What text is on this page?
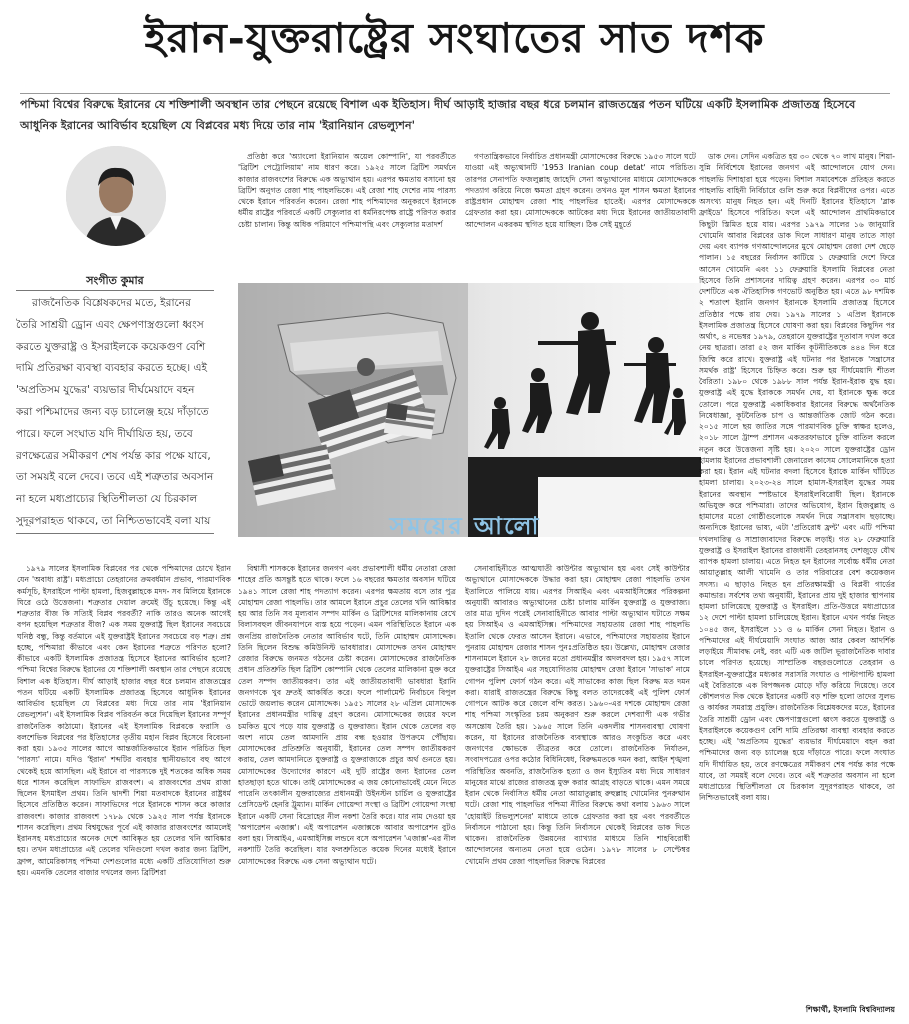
ইরান-যুক্তরাষ্ট্রের সংঘাতের সাত দশক
পশ্চিমা বিশ্বের বিরুদ্ধে ইরানের যে শক্তিশালী অবস্থান তার পেছনে রয়েছে বিশাল এক ইতিহাস। দীর্ঘ আড়াই হাজার বছর ধরে চলমান রাজতন্ত্রের পতন ঘটিয়ে একটি ইসলামিক প্রজাতন্ত্র হিসেবে আধুনিক ইরানের আবির্ভাব হয়েছিল যে বিপ্লবের মধ্য দিয়ে তার নাম 'ইরানিয়ান রেভল্যুশন'
সংগীত কুমার

রাজনৈতিক বিশ্লেষকদের মতে, ইরানের তৈরি সাশ্রয়ী ড্রোন এবং ক্ষেপণাস্ত্রগুলো ধ্বংস করতে যুক্তরাষ্ট্র ও ইসরাইলকে কয়েকগুণ বেশি দামি প্রতিরক্ষা ব্যবস্থা ব্যবহার করতে হচ্ছে। এই 'অপ্রতিসম যুদ্ধের' ব্যয়ভার দীর্ঘমেয়াদে বহন করা পশ্চিমাদের জন্য বড় চ্যালেঞ্জ হয়ে দাঁড়াতে পারে। ফলে সংঘাত যদি দীর্ঘায়িত হয়, তবে রণক্ষেত্রের সমীকরণ শেষ পর্যন্ত কার পক্ষে যাবে, তা সময়ই বলে দেবে। তবে এই শত্রুতার অবসান না হলে মধ্যপ্রাচ্যের স্থিতিশীলতা যে চিরকাল সুদূরপরাহত থাকবে, তা নিশ্চিতভাবেই বলা যায়

প্রতিষ্ঠা করে 'অ্যাংলো ইরানিয়ান অয়েল কোম্পানি', যা পরবর্তীতে 'ব্রিটিশ পেট্রোলিয়াম' নাম ধারণ করে। ১৯২৫ সালে ব্রিটিশ সমর্থনে কাজার রাজবংশের বিরুদ্ধে এক অভ্যুত্থান হয়। এরপর ক্ষমতায় বসানো হয় ব্রিটিশ অনুগত রেজা শাহ পাহলভিকে। এই রেজা শাহ দেশের নাম পারস্য থেকে ইরানে পরিবর্তন করেন। রেজা শাহ পশ্চিমাদের অনুকরণে ইরানকে ধর্মীয় রাষ্ট্রের পরিবর্তে একটি সেক্যুলার বা ধর্মনিরপেক্ষ রাষ্ট্রে পরিণত করার চেষ্টা চালান। কিন্তু অধিক পরিমাণে পশ্চিমাপন্থি এবং সেক্যুলার মতাদর্শ

গণতান্ত্রিকভাবে নির্বাচিত প্রধানমন্ত্রী মোসাদ্দেকের বিরুদ্ধে ১৯৫৩ সালে ঘটে যাওয়া এই অভ্যুত্থানটি '1953 Iranian coup detat' নামে পরিচিত। তারপর সেনাপতি ফজলুল্লাহ জাহেদি সেনা অভ্যুত্থানের মাধ্যমে মোসাদ্দেককে পদত্যাগ করিয়ে নিজে ক্ষমতা গ্রহণ করেন। তখনও মূল শাসন ক্ষমতা ইরানের রাষ্ট্রপ্রধান মোহাম্মদ রেজা শাহ পাহলভির হাতেই। এরপর মোসাদ্দেককে গ্রেফতার করা হয়। মোসাদ্দেককে আটকের মধ্য দিয়ে ইরানের জাতীয়তাবাদী আন্দোলন একরকম স্থগিত হয়ে যাচ্ছিল। ঠিক সেই মুহূর্তে

সময়ের আলো

১৯৭৯ সালের ইসলামিক বিপ্লবের পর থেকে পশ্চিমাদের চোখে ইরান যেন 'অবাধ্য রাষ্ট্র'। মধ্যপ্রাচ্যে তেহরানের ক্রমবর্ধমান প্রভাব, পারমাণবিক কর্মসূচি, ইসরাইলে পাল্টা হামলা, হিজবুল্লাহকে মদদ- সব মিলিয়ে ইরানকে ঘিরে ওঠে উত্তেজনা। শত্রুতার দেয়াল ক্রমেই উঁচু হয়েছে। কিন্তু এই শত্রুতার বীজ কি সত্যিই বিপ্লব পরবর্তী? নাকি তারও অনেক আগেই বপন হয়েছিল শত্রুতার বীজ? এক সময় যুক্তরাষ্ট্র ছিল ইরানের সবচেয়ে ঘনিষ্ঠ বন্ধু, কিন্তু বর্তমানে এই যুক্তরাষ্ট্রই ইরানের সবচেয়ে বড় শত্রু। প্রশ্ন হচ্ছে, পশ্চিমারা কীভাবে এবং কেন ইরানের শত্রুতে পরিণত হলো? কীভাবে একটি ইসলামিক প্রজাতন্ত্র হিসেবে ইরানের আবির্ভাব হলো? পশ্চিমা বিশ্বের বিরুদ্ধে ইরানের যে শক্তিশালী অবস্থান তার পেছনে রয়েছে বিশাল এক ইতিহাস। দীর্ঘ আড়াই হাজার বছর ধরে চলমান রাজতন্ত্রের পতন ঘটিয়ে একটি ইসলামিক প্রজাতন্ত্র হিসেবে আধুনিক ইরানের আবির্ভাব হয়েছিল যে বিপ্লবের মধ্য দিয়ে তার নাম 'ইরানিয়ান রেভল্যুশন'। এই ইসলামিক বিপ্লব পরিবর্তন করে দিয়েছিল ইরানের সম্পূর্ণ রাজনৈতিক কাঠামো। ইরানের এই ইসলামিক বিপ্লবকে ফরাসি ও বলশেভিক বিপ্লবের পর ইতিহাসের তৃতীয় মহান বিপ্লব হিসেবে বিবেচনা করা হয়। ১৯৩৫ সালের আগে আন্তর্জাতিকভাবে ইরান পরিচিত ছিল 'পারস্য' নামে। যদিও 'ইরান' শব্দটির ব্যবহার স্থানীয়ভাবে বহু আগে থেকেই হয়ে আসছিল। এই ইরানে বা পারস্যকে দুই শতকের অধিক সময় ধরে শাসন করেছিল সাফাভিদ রাজবংশ। এ রাজবংশের প্রথম রাজা ছিলেন ইসমাইল প্রথম। তিনি দ্বাদশী শিয়া মতবাদকে ইরানের রাষ্ট্রধর্ম হিসেবে প্রতিষ্ঠিত করেন। সাফাভিদের পরে ইরানকে শাসন করে কাজার রাজবংশ। কাজার রাজবংশ ১৭৮৯ থেকে ১৯২৫ সাল পর্যন্ত ইরানকে শাসন করেছিল। প্রথম বিশ্বযুদ্ধের পূর্বে এই কাজার রাজবংশের আমলেই ইরানসহ মধ্যপ্রাচ্যের অনেক দেশে আবিষ্কৃত হয় তেলের খনি আবিষ্কার হয়। তখন মধ্যপ্রাচ্যের এই তেলের খনিগুলো দখল করার জন্য ব্রিটিশ, ফ্রান্স, আমেরিকাসহ পশ্চিমা দেশগুলোর মধ্যে একটি প্রতিযোগিতা শুরু হয়। এমনকি তেলের বাজার দখলের জন্য ব্রিটিশরা

বিশ্বাসী শাসককে ইরানের জনগণ এবং প্রভাবশালী ধর্মীয় নেতারা রেজা শাহের প্রতি অসন্তুষ্ট হতে থাকে। ফলে ১৬ বছরের ক্ষমতার অবসান ঘটিয়ে ১৯৪১ সালে রেজা শাহ পদত্যাগ করেন। এরপর ক্ষমতায় বসে তার পুত্র মোহাম্মদ রেজা পাহলভি। তার আমলে ইরানে প্রচুর তেলের খনি আবিষ্কার হয় আর তিনি সব মূল্যবান সম্পদ মার্কিন ও ব্রিটিশদের মালিকানায় রেখে বিলাসবহুল জীবনযাপনে ব্যস্ত হয়ে পড়েন। এমন পরিস্থিতিতে ইরানে এক জনপ্রিয় রাজনৈতিক নেতার আবির্ভাব ঘটে, তিনি মোহাম্মদ মোসাদ্দেক। তিনি ছিলেন বিশুদ্ধ কমিউনিস্ট ভাবধারার। মোসাদ্দেক তখন মোহাম্মদ রেজার বিরুদ্ধে জনমত গঠনের চেষ্টা করেন। মোসাদ্দেকের রাজনৈতিক প্রধান প্রতিশ্রুতি ছিল ব্রিটিশ কোম্পানি থেকে তেলের মালিকানা মুক্ত করে তেল সম্পদ জাতীয়করণ। তার এই জাতীয়তাবাদী ভাবধারা ইরানি জনগণকে খুব দ্রুতই আকর্ষিত করে। ফলে পার্লামেন্ট নির্বাচনে বিপুল ভোটে জয়লাভ করেন মোসাদ্দেক। ১৯৫১ সালের ২৮ এপ্রিল মোসাদ্দেক ইরানের প্রধানমন্ত্রীর দায়িত্ব গ্রহণ করেন। মোসাদ্দেকের জয়ের ফলে চমকিত মুখে পড়ে যায় যুক্তরাষ্ট্র ও যুক্তরাজ্য। ইরান থেকে তেলের বড় অংশ নামে তেল আমদানি প্রায় বন্ধ হওয়ার উপক্রমে পৌঁছায়। মোসাদ্দেকের প্রতিশ্রুতি অনুযায়ী, ইরানের তেল সম্পদ জাতীয়করণ করায়, তেল আমদানিতে যুক্তরাষ্ট্র ও যুক্তরাজ্যকে প্রচুর অর্থ গুনতে হয়। মোসাদ্দেকের উদ্যোগের কারণে এই দুটি রাষ্ট্রের জন্য ইরানের তেল হাতছাড়া হতে থাকে। তাই মোসাদ্দেকের এ জয় কোনোভাবেই মেনে নিতে পারেনি তৎকালীন যুক্তরাজ্যের প্রধানমন্ত্রী উইনস্টন চার্চিল ও যুক্তরাষ্ট্রের প্রেসিডেন্ট হেনরি ট্রুম্যান। মার্কিন গোয়েন্দা সংস্থা ও ব্রিটিশ গোয়েন্দা সংস্থা ইরানে একটি সেনা বিদ্রোহের নীল নকশা তৈরি করে। যার নাম দেওয়া হয় 'অপারেশন এজাক্স'। এই অপারেশন এজাক্সকে আবার অপারেশন বুটও বলা হয়। সিআইএ, এমআইসিক্স লন্ডনে বসে অপারেশন 'এজাক্স'-এর নীল নকশাটি তৈরি করেছিল। যার ফলশ্রুতিতে কয়েক দিনের মধ্যেই ইরানে মোসাদ্দেকের বিরুদ্ধে এক সেনা অভ্যুত্থান ঘটে।

সেনাবাহিনীতে আত্মঘাতী কাউন্টার অভ্যুত্থান হয় এবং সেই কাউন্টার অভ্যুত্থানে মোসাদ্দেককে উদ্ধার করা হয়। মোহাম্মদ রেজা পাহলভি তখন ইতালিতে পালিয়ে যায়। এরপর সিআইএ এবং এমআইসিক্সের পরিকল্পনা অনুযায়ী আবারও অভ্যুত্থানের চেষ্টা চালায় মার্কিন যুক্তরাষ্ট্র ও যুক্তরাজ্য। তার মাত্র দুদিন পরেই সেনাবাহিনীতে আবার পাল্টা অভ্যুত্থান ঘটাতে সক্ষম হয় সিআইএ ও এমআইসিক্স। পশ্চিমাদের সহায়তায় রেজা শাহ পাহলভি ইতালি থেকে ফেরত আসেন ইরানে। এভাবে, পশ্চিমাদের সহায়তায় ইরানে পুনরায় মোহাম্মদ রেজার শাসন পুনঃপ্রতিষ্ঠিত হয়। উল্লেখ্য, মোহাম্মদ রেজার শাসনামলে ইরানে ২৮ জনের মতো প্রধানমন্ত্রীর অদলবদল হয়। ১৯৫৭ সালে যুক্তরাষ্ট্রের সিআইএ এর সহযোগিতায় মোহাম্মদ রেজা ইরানে 'সাভাক' নামে গোপন পুলিশ ফোর্স গঠন করে। এই সাভাকের কাজ ছিল বিরুদ্ধ মত দমন করা। যারাই রাজতন্ত্রের বিরুদ্ধে কিছু বলত তাদেরকেই এই পুলিশ ফোর্স গোপনে আটক করে জেলে বন্দি করত। ১৯৬০-এর দশকে মোহাম্মদ রেজা শাহ পশ্চিমা সংস্কৃতির চরম অনুকরণ শুরু করলে দেশব্যাপী এক গভীর অসন্তোষ তৈরি হয়। ১৯৬৫ সালে তিনি একদলীয় শাসনব্যবস্থা ঘোষণা করেন, যা ইরানের রাজনৈতিক ব্যবস্থাকে আরও সংকুচিত করে এবং জনগণের ক্ষোভকে তীব্রতর করে তোলে। রাজনৈতিক নির্যাতন, সংবাদপত্রের ওপর কঠোর বিধিনিষেধ, বিরুদ্ধমতকে দমন করা, আইন শৃঙ্খলা পরিস্থিতির অবনতি, রাজনৈতিক হত্যা ও জন ইস্যুতিব মধ্য দিয়ে সাধারণ মানুষের মাঝে রাজের রাজতন্ত্র মুক্ত করার আগ্রহ বাড়তে থাকে। এমন সময়ে ইরান থেকে নির্বাসিত ধর্মীয় নেতা আয়াতুল্লাহ রুহুল্লাহ খোমেনির পুনরুত্থান ঘটে। রেজা শাহ পাহলভির পশ্চিমা নীতির বিরুদ্ধে কথা বলায় ১৯৬৩ সালে 'হোয়াইট রিভল্যুশনের' মাধ্যমে তাকে গ্রেফতার করা হয় এবং পরবর্তীতে নির্বাসনে পাঠানো হয়। কিন্তু তিনি নির্বাসনে থেকেই বিপ্লবের ডাক দিতে থাকেন। রাজনৈতিক উন্নয়নের ব্যাখ্যার মাধ্যমে তিনি শাহবিরোধী আন্দোলনের অন্যতম নেতা হয়ে ওঠেন। ১৯৭৮ সালের ৮ সেপ্টেম্বর খোমেনি প্রথম রেজা পাহলভির বিরুদ্ধে বিপ্লবের

ডাক দেন। সেদিন একত্রিত হয় ৩০ থেকে ৭০ লাখ মানুষ। শিয়া-সুন্নি নির্বিশেষে ইরানের জনগণ এই আন্দোলনে যোগ দেন। পাহলভি দিশাহারা হয়ে পড়েন। বিশাল সমাবেশকে প্রতিহত করতে পাহলভি বাহিনী নির্বিচারে গুলি শুরু করে বিপ্লবীদের ওপর। এতে অসংখ্য মানুষ নিহত হন। এই দিনটি ইরানের ইতিহাসে 'ব্লাক ফ্রাইডে' হিসেবে পরিচিত। ফলে এই আন্দোলন প্রাথমিকভাবে কিছুটা স্তিমিত হয়ে যায়। এরপর ১৯৭৯ সালের ১৬ জানুয়ারি খোমেনি আবার বিপ্লবের ডাক দিলে সাধারণ মানুষ তাতে সাড়া দেয় এবং ব্যাপক গণআন্দোলনের মুখে মোহাম্মদ রেজা দেশ ছেড়ে পালান। ১৫ বছরের নির্বাসন কাটিয়ে ১ ফেব্রুয়ারি দেশে ফিরে আসেন খোমেনি এবং ১১ ফেব্রুয়ারি ইসলামি বিপ্লবের নেতা হিসেবে তিনি প্রশাসনের দায়িত্ব গ্রহণ করেন। এরপর ৩০ মার্চ দেশটিতে এক ঐতিহাসিক গণভোট অনুষ্ঠিত হয়। এতে ৯৮ দশমিক ২ শতাংশ ইরানি জনগণ ইরানকে ইসলামি প্রজাতন্ত্র হিসেবে প্রতিষ্ঠার পক্ষে রায় দেয়। ১৯৭৯ সালের ১ এপ্রিল ইরানকে ইসলামিক প্রজাতন্ত্র হিসেবে ঘোষণা করা হয়। বিপ্লবের কিছুদিন পর অর্থাৎ, ৪ নভেম্বর ১৯৭৯, তেহরানে যুক্তরাষ্ট্রের দূতাবাস দখল করে নেয় ছাত্ররা। তারা ৫২ জন মার্কিন কূটনীতিককে ৪৪৪ দিন ধরে জিম্মি করে রাখে। যুক্তরাষ্ট্র এই ঘটনার পর ইরানকে 'সন্ত্রাসের সমর্থক রাষ্ট্র' হিসেবে চিহ্নিত করে। শুরু হয় দীর্ঘমেয়াদি শীতল বৈরিতা। ১৯৮০ থেকে ১৯৮৮ সাল পর্যন্ত ইরান-ইরাক যুদ্ধ হয়। যুক্তরাষ্ট্র এই যুদ্ধে ইরাককে সমর্থন দেয়, যা ইরানকে ক্ষুব্ধ করে তোলে। পরে যুক্তরাষ্ট্র একাধিকবার ইরানের বিরুদ্ধে অর্থনৈতিক নিষেধাজ্ঞা, কূটনৈতিক চাপ ও আন্তর্জাতিক জোট গঠন করে। ২০১৫ সালে ছয় জাতির সঙ্গে পারমাণবিক চুক্তি স্বাক্ষর হলেও, ২০১৮ সালে ট্রাম্প প্রশাসন একতরফাভাবে চুক্তি বাতিল করলে নতুন করে উত্তেজনা সৃষ্টি হয়। ২০২০ সালে যুক্তরাষ্ট্রের ড্রোন হামলায় ইরানের প্রভাবশালী জেনারেল কাসেম সোলেমানিকে হত্যা করা হয়। ইরান এই ঘটনার বদলা হিসেবে ইরাকে মার্কিন ঘাঁটিতে হামলা চালায়। ২০২৩-২৪ সালে হামাস-ইসরাইল যুদ্ধের সময় ইরানের অবস্থান স্পষ্টভাবে ইসরাইলবিরোধী ছিল। ইরানকে অভিযুক্ত করে পশ্চিমারা। তাদের অভিযোগ, ইরান হিজবুল্লাহ ও হামাসের মতো গোষ্ঠীগুলোকে সমর্থন দিয়ে সন্ত্রাসবাদ ছড়াচ্ছে। অন্যদিকে ইরানের ভাষ্য, এটা 'প্রতিরোধ ফ্রন্ট' এবং এটি পশ্চিমা দখলদারিত্ব ও সাম্রাজ্যবাদের বিরুদ্ধে লড়াই। গত ২৮ ফেব্রুয়ারি যুক্তরাষ্ট্র ও ইসরাইল ইরানের রাজধানী তেহরানসহ দেশজুড়ে যৌথ ব্যাপক হামলা চালায়। এতে নিহত হন ইরানের সর্বোচ্চ ধর্মীয় নেতা আয়াতুল্লাহ আলী খামেনি ও তার পরিবারের বেশ কয়েকজন সদস্য। এ ছাড়াও নিহত হন প্রতিরক্ষামন্ত্রী ও বিপ্লবী গার্ডের কমান্ডার। সর্বশেষ তথ্য অনুযায়ী, ইরানের প্রায় দুই হাজার স্থাপনায় হামলা চালিয়েছে যুক্তরাষ্ট্র ও ইসরাইল। প্রতি-উত্তরে মধ্যপ্রাচ্যের ১২ দেশে পাল্টা হামলা চালিয়েছে ইরান। ইরানে এখন পর্যন্ত নিহত ১০৪৫ জন, ইসরাইলে ১১ ও ৬ মার্কিন সেনা নিহত। ইরান ও পশ্চিমাদের এই দীর্ঘমেয়াদি সংঘাত আজ আর কেবল আদর্শিক লড়াইয়ে সীমাবদ্ধ নেই, বরং এটি এক জটিল ভূরাজনৈতিক দাবার চালে পরিণত হয়েছে। সাম্প্রতিক বছরগুলোতে তেহরান ও ইসরাইল-যুক্তরাষ্ট্রের মধ্যকার সরাসরি সংঘাত ও পাল্টাপাল্টি হামলা এই বৈরিতাকে এক বিপজ্জনক মোড়ে দাঁড় করিয়ে দিয়েছে। তবে কৌশলগত দিক থেকে ইরানের একটি বড় শক্তি হলো তাদের সুলভ ও কার্যকর সমরাস্ত্র প্রযুক্তি। রাজনৈতিক বিশ্লেষকদের মতে, ইরানের তৈরি সাশ্রয়ী ড্রোন এবং ক্ষেপণাস্ত্রগুলো ধ্বংস করতে যুক্তরাষ্ট্র ও ইসরাইলকে কয়েকগুণ বেশি দামি প্রতিরক্ষা ব্যবস্থা ব্যবহার করতে হচ্ছে। এই 'অপ্রতিসম যুদ্ধের' ব্যয়ভার দীর্ঘমেয়াদে বহন করা পশ্চিমাদের জন্য বড় চ্যালেঞ্জ হয়ে দাঁড়াতে পারে। ফলে সংঘাত যদি দীর্ঘায়িত হয়, তবে রণক্ষেত্রের সমীকরণ শেষ পর্যন্ত কার পক্ষে যাবে, তা সময়ই বলে দেবে। তবে এই শত্রুতার অবসান না হলে মধ্যপ্রাচ্যের স্থিতিশীলতা যে চিরকাল সুদূরপরাহত থাকবে, তা নিশ্চিতভাবেই বলা যায়।

শিক্ষার্থী, ইসলামি বিশ্ববিদ্যালয়
